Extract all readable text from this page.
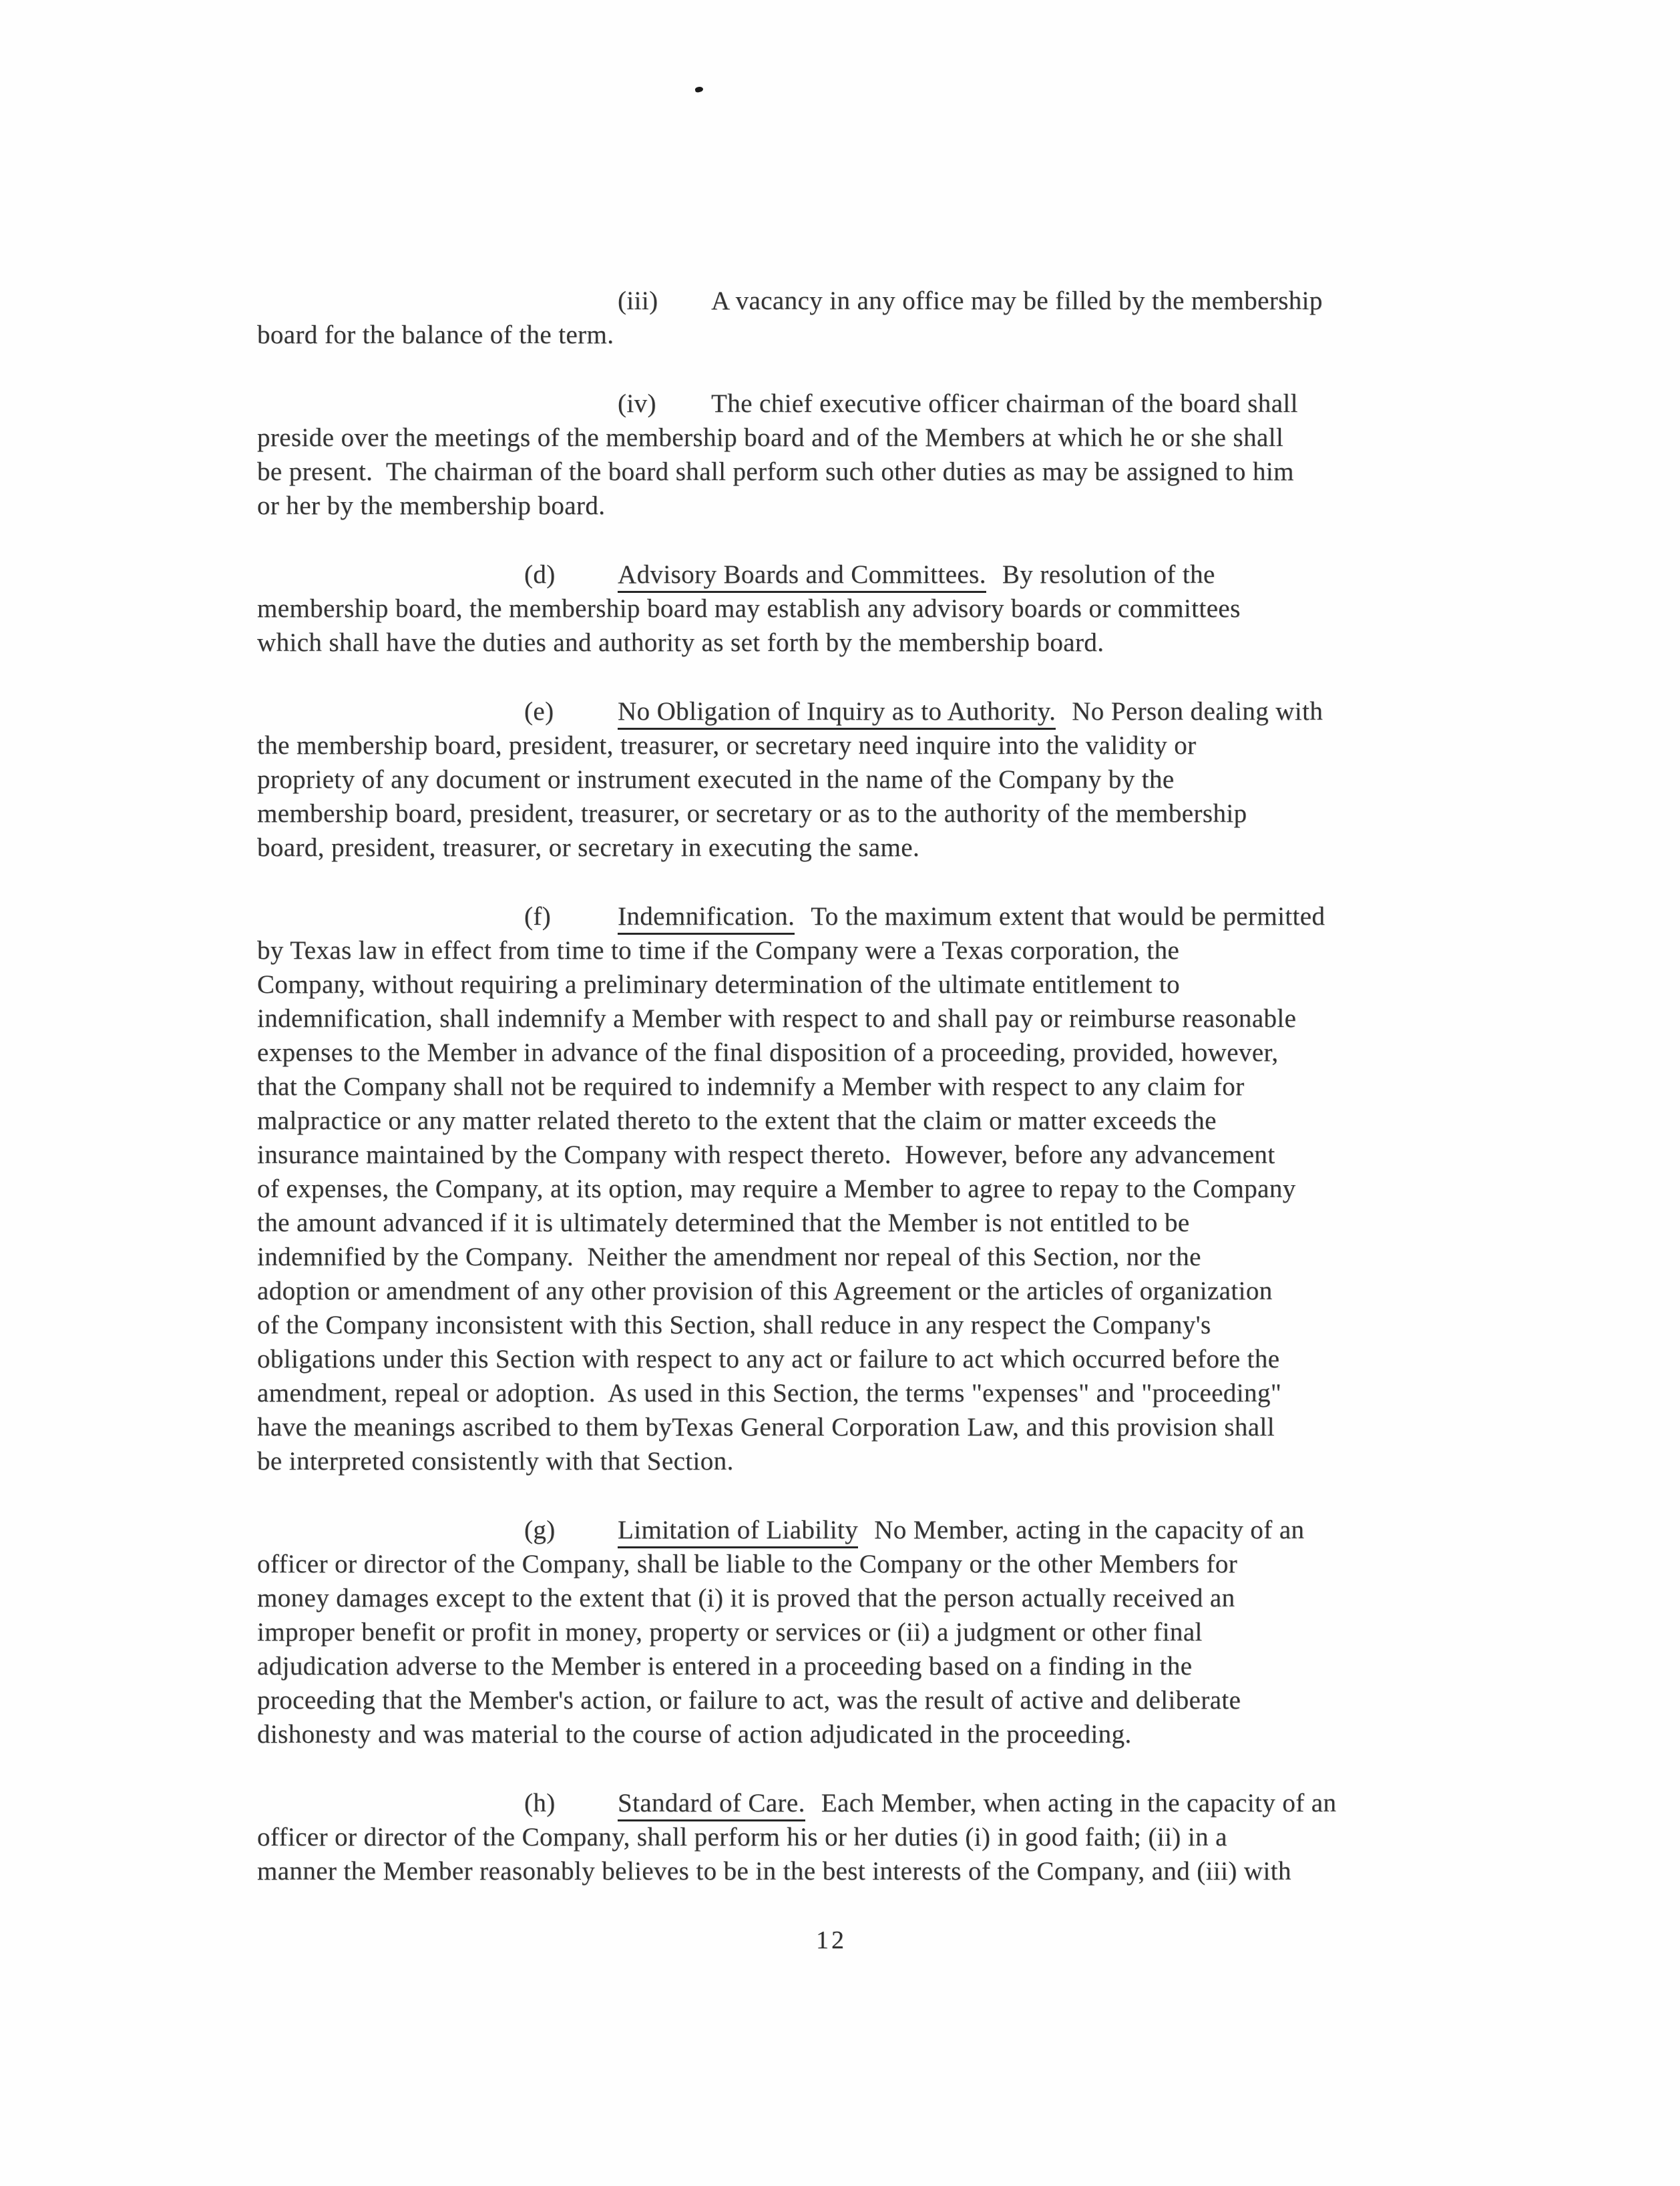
(iii) A vacancy in any office may be filled by the membership
board for the balance of the term.
(iv) The chief executive officer chairman of the board shall
preside over the meetings of the membership board and of the Members at which he or she shall
be present.  The chairman of the board shall perform such other duties as may be assigned to him
or her by the membership board.
(d) Advisory Boards and Committees. By resolution of the
membership board, the membership board may establish any advisory boards or committees
which shall have the duties and authority as set forth by the membership board.
(e) No Obligation of Inquiry as to Authority. No Person dealing with
the membership board, president, treasurer, or secretary need inquire into the validity or
propriety of any document or instrument executed in the name of the Company by the
membership board, president, treasurer, or secretary or as to the authority of the membership
board, president, treasurer, or secretary in executing the same.
(f)	Indemnification. To the maximum extent that would be permitted
by Texas law in effect from time to time if the Company were a Texas corporation, the
Company, without requiring a preliminary determination of the ultimate entitlement to
indemnification, shall indemnify a Member with respect to and shall pay or reimburse reasonable
expenses to the Member in advance of the final disposition of a proceeding, provided, however,
that the Company shall not be required to indemnify a Member with respect to any claim for
malpractice or any matter related thereto to the extent that the claim or matter exceeds the
insurance maintained by the Company with respect thereto.  However, before any advancement
of expenses, the Company, at its option, may require a Member to agree to repay to the Company
the amount advanced if it is ultimately determined that the Member is not entitled to be
indemnified by the Company.  Neither the amendment nor repeal of this Section, nor the
adoption or amendment of any other provision of this Agreement or the articles of organization
of the Company inconsistent with this Section, shall reduce in any respect the Company's
obligations under this Section with respect to any act or failure to act which occurred before the
amendment, repeal or adoption.  As used in this Section, the terms "expenses" and "proceeding"
have the meanings ascribed to them byTexas General Corporation Law, and this provision shall
be interpreted consistently with that Section.
(g) Limitation of Liability No Member, acting in the capacity of an
officer or director of the Company, shall be liable to the Company or the other Members for
money damages except to the extent that (i) it is proved that the person actually received an
improper benefit or profit in money, property or services or (ii) a judgment or other final
adjudication adverse to the Member is entered in a proceeding based on a finding in the
proceeding that the Member's action, or failure to act, was the result of active and deliberate
dishonesty and was material to the course of action adjudicated in the proceeding.
(h) Standard of Care. Each Member, when acting in the capacity of an
officer or director of the Company, shall perform his or her duties (i) in good faith; (ii) in a
manner the Member reasonably believes to be in the best interests of the Company, and (iii) with
12
